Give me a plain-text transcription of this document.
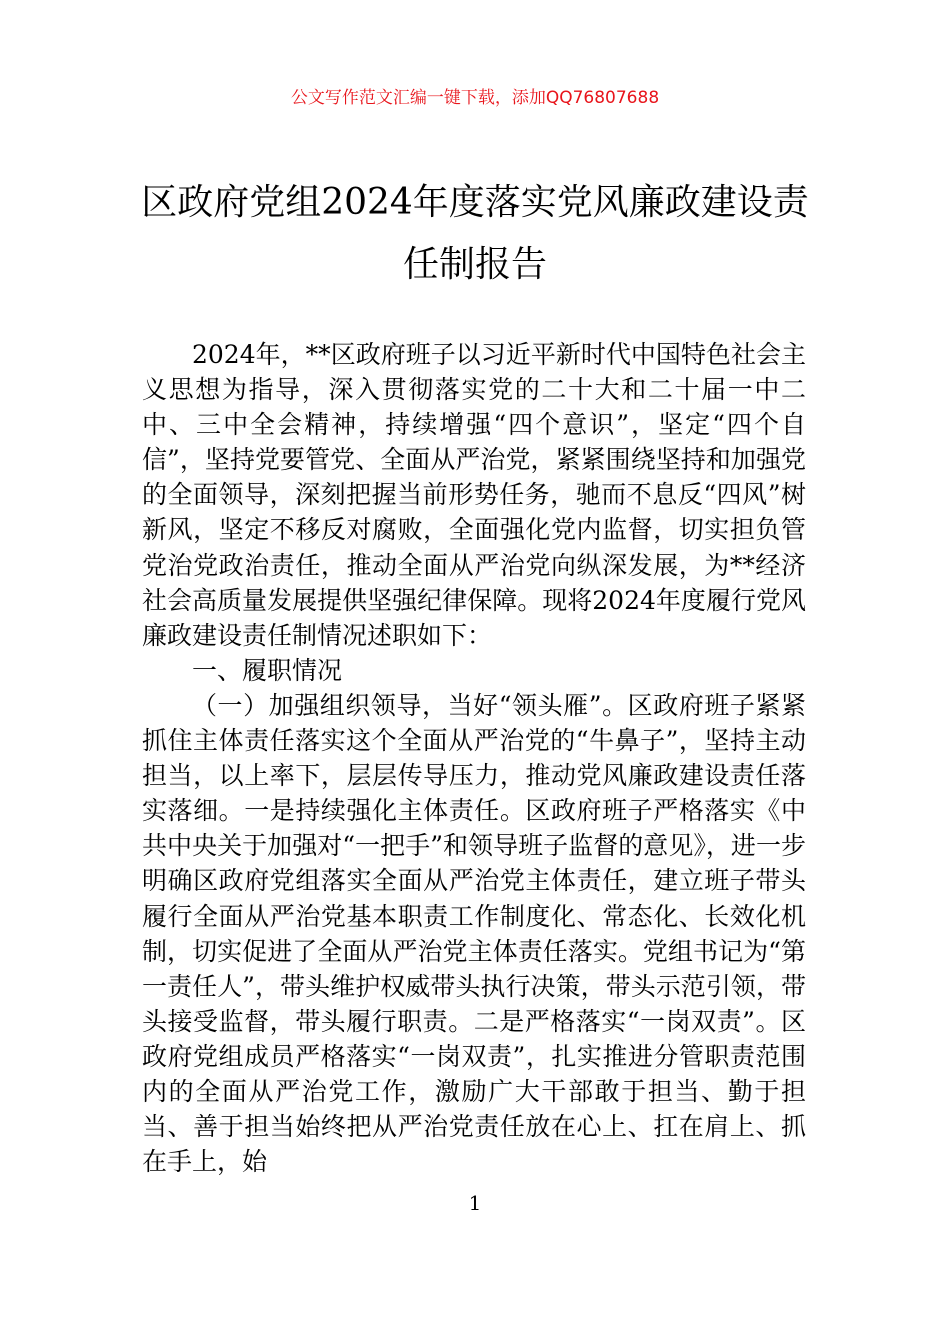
公文写作范文汇编一键下载，添加QQ76807688
区政府党组2024年度落实党风廉政建设责
任制报告

2024年，**区政府班子以习近平新时代中国特色社会主义思想为指导，深入贯彻落实党的二十大和二十届一中二中、三中全会精神，持续增强“四个意识”，坚定“四个自信”，坚持党要管党、全面从严治党，紧紧围绕坚持和加强党的全面领导，深刻把握当前形势任务，驰而不息反“四风”树新风，坚定不移反对腐败，全面强化党内监督，切实担负管党治党政治责任，推动全面从严治党向纵深发展，为**经济社会高质量发展提供坚强纪律保障。现将2024年度履行党风廉政建设责任制情况述职如下：

一、履职情况

（一）加强组织领导，当好“领头雁”。区政府班子紧紧抓住主体责任落实这个全面从严治党的“牛鼻子”，坚持主动担当，以上率下，层层传导压力，推动党风廉政建设责任落实落细。一是持续强化主体责任。区政府班子严格落实《中共中央关于加强对“一把手”和领导班子监督的意见》，进一步明确区政府党组落实全面从严治党主体责任，建立班子带头履行全面从严治党基本职责工作制度化、常态化、长效化机制，切实促进了全面从严治党主体责任落实。党组书记为“第一责任人”，带头维护权威带头执行决策，带头示范引领，带头接受监督，带头履行职责。二是严格落实“一岗双责”。区政府党组成员严格落实“一岗双责”，扎实推进分管职责范围内的全面从严治党工作，激励广大干部敢于担当、勤于担当、善于担当始终把从严治党责任放在心上、扛在肩上、抓在手上，始

1
